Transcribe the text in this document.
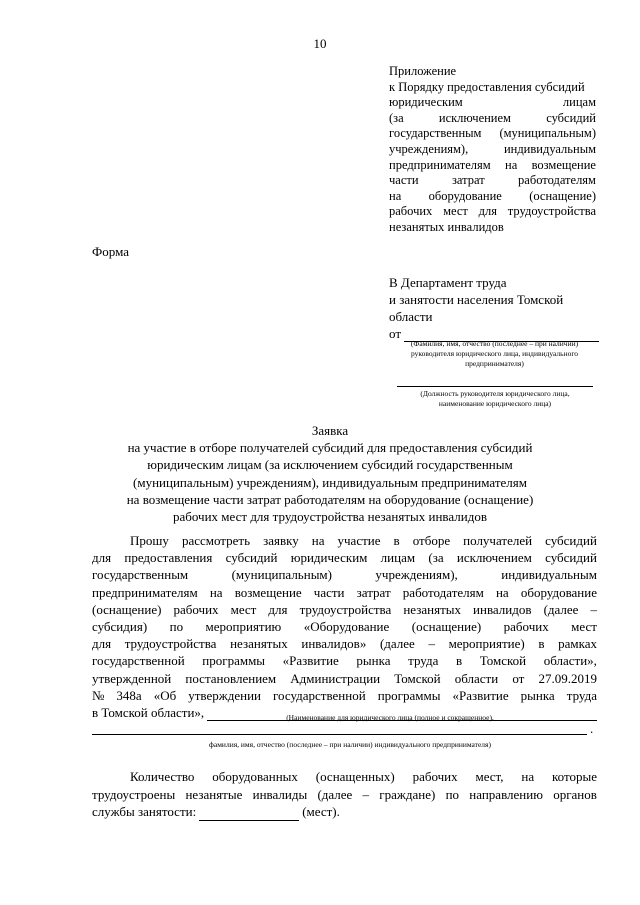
10
Приложение
к Порядку предоставления субсидий
юридическим	лицам
(за	исключением	субсидий
государственным (муниципальным)
учреждениям),	индивидуальным
предпринимателям на возмещение
части	затрат	работодателям
на оборудование (оснащение)
рабочих мест для трудоустройства
незанятых инвалидов
Форма
В Департамент труда
и занятости населения Томской
области
от
(Фамилия, имя, отчество (последнее – при наличии)
руководителя юридического лица, индивидуального
предпринимателя)
(Должность руководителя юридического лица,
наименование юридического лица)
Заявка
на участие в отборе получателей субсидий для предоставления субсидий
юридическим лицам (за исключением субсидий государственным
(муниципальным) учреждениям), индивидуальным предпринимателям
на возмещение части затрат работодателям на оборудование (оснащение)
рабочих мест для трудоустройства незанятых инвалидов
Прошу рассмотреть заявку на участие в отборе получателей субсидий
для предоставления субсидий юридическим лицам (за исключением субсидий
государственным	(муниципальным)	учреждениям),	индивидуальным
предпринимателям на возмещение части затрат работодателям на оборудование
(оснащение) рабочих мест для трудоустройства незанятых инвалидов (далее –
субсидия) по мероприятию «Оборудование (оснащение) рабочих мест
для трудоустройства незанятых инвалидов» (далее – мероприятие) в рамках
государственной программы «Развитие рынка труда в Томской области»,
утвержденной постановлением Администрации Томской области от 27.09.2019
№ 348а «Об утверждении государственной программы «Развитие рынка труда
в Томской области»,	(Наименование для юридического лица (полное и сокращенное),
.
фамилия, имя, отчество (последнее – при наличии) индивидуального предпринимателя)
Количество оборудованных (оснащенных) рабочих мест, на которые
трудоустроены незанятые инвалиды (далее – граждане) по направлению органов
службы занятости:	(мест).
